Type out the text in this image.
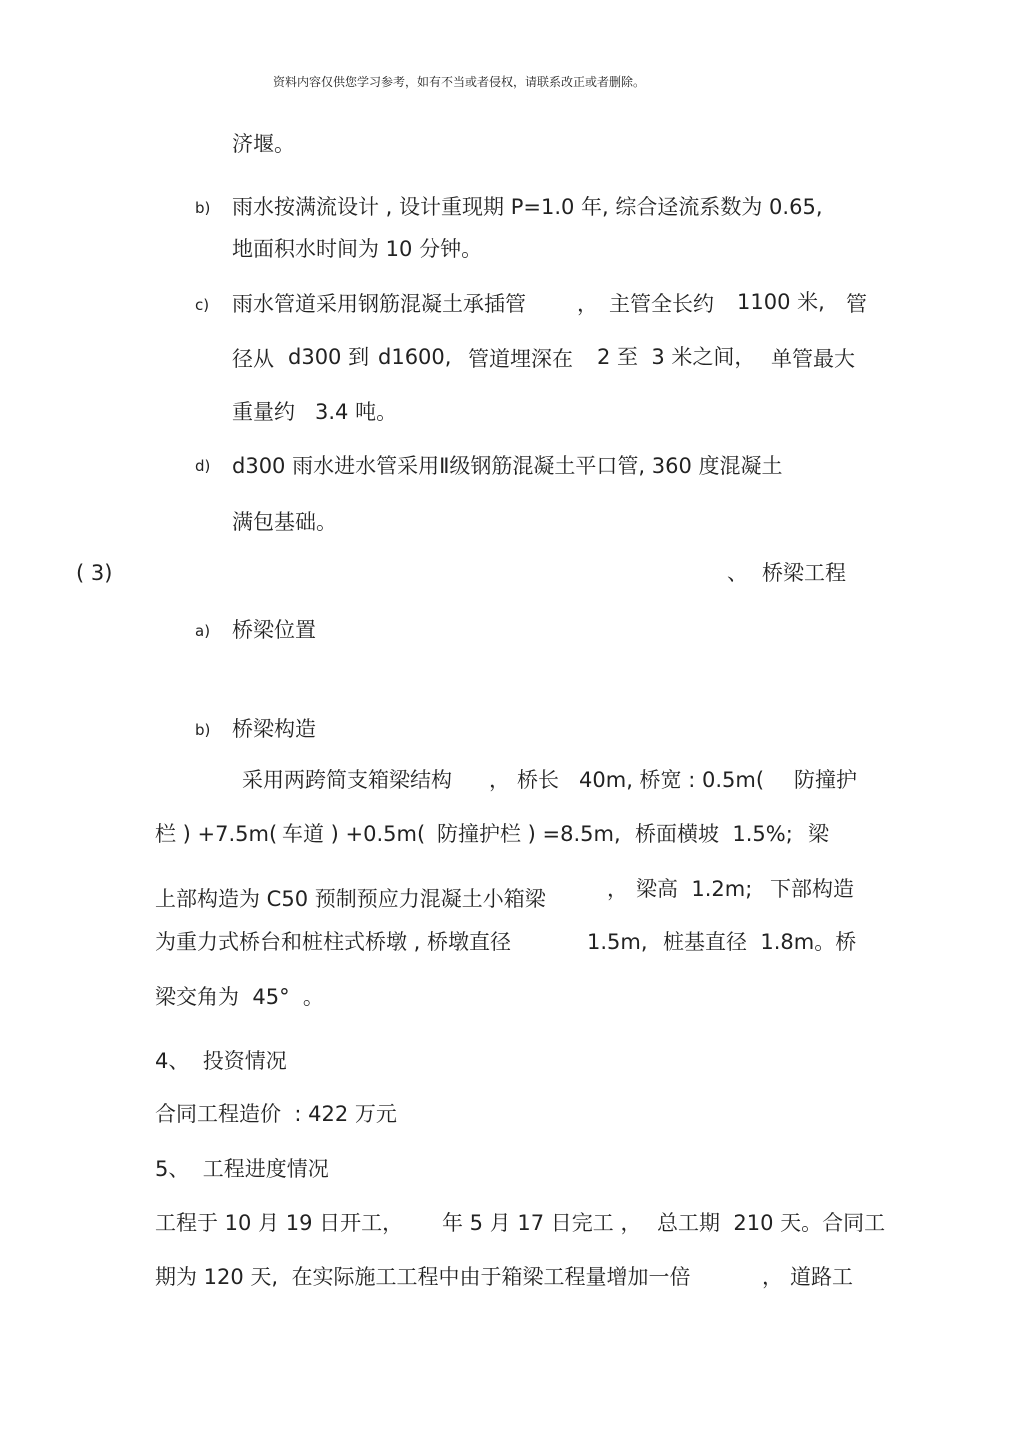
资料内容仅供您学习参考，如有不当或者侵权，请联系改正或者删除。
济堰。
b) 雨水按满流设计 , 设计重现期 P=1.0 年, 综合迳流系数为 0.65,
地面积水时间为 10 分钟。
c) 雨水管道采用钢筋混凝土承插管 ， 主管全长约 1100 米, 管
径从 d300 到 d1600, 管道埋深在 2 至  3 米之间， 单管最大
重量约   3.4 吨。
d) d300 雨水进水管采用Ⅱ级钢筋混凝土平口管, 360 度混凝土
满包基础。
( 3)	、 桥梁工程
a) 桥梁位置
b) 桥梁构造
采用两跨简支箱梁结构 ， 桥长   40m, 桥宽 : 0.5m( 防撞护
栏 ) +7.5m( 车道 ) +0.5m( 防撞护栏 ) =8.5m, 桥面横坡  1.5%; 梁
上部构造为 C50 预制预应力混凝土小箱梁	， 梁高  1.2m; 下部构造
为重力式桥台和桩柱式桥墩 , 桥墩直径	1.5m, 桩基直径  1.8m。桥
梁交角为  45°  。
4、  投资情况
合同工程造价  : 422 万元
5、  工程进度情况
工程于 10 月 19 日开工， 年 5 月 17 日完工 ， 总工期  210 天。合同工
期为 120 天,  在实际施工工程中由于箱梁工程量增加一倍	， 道路工
